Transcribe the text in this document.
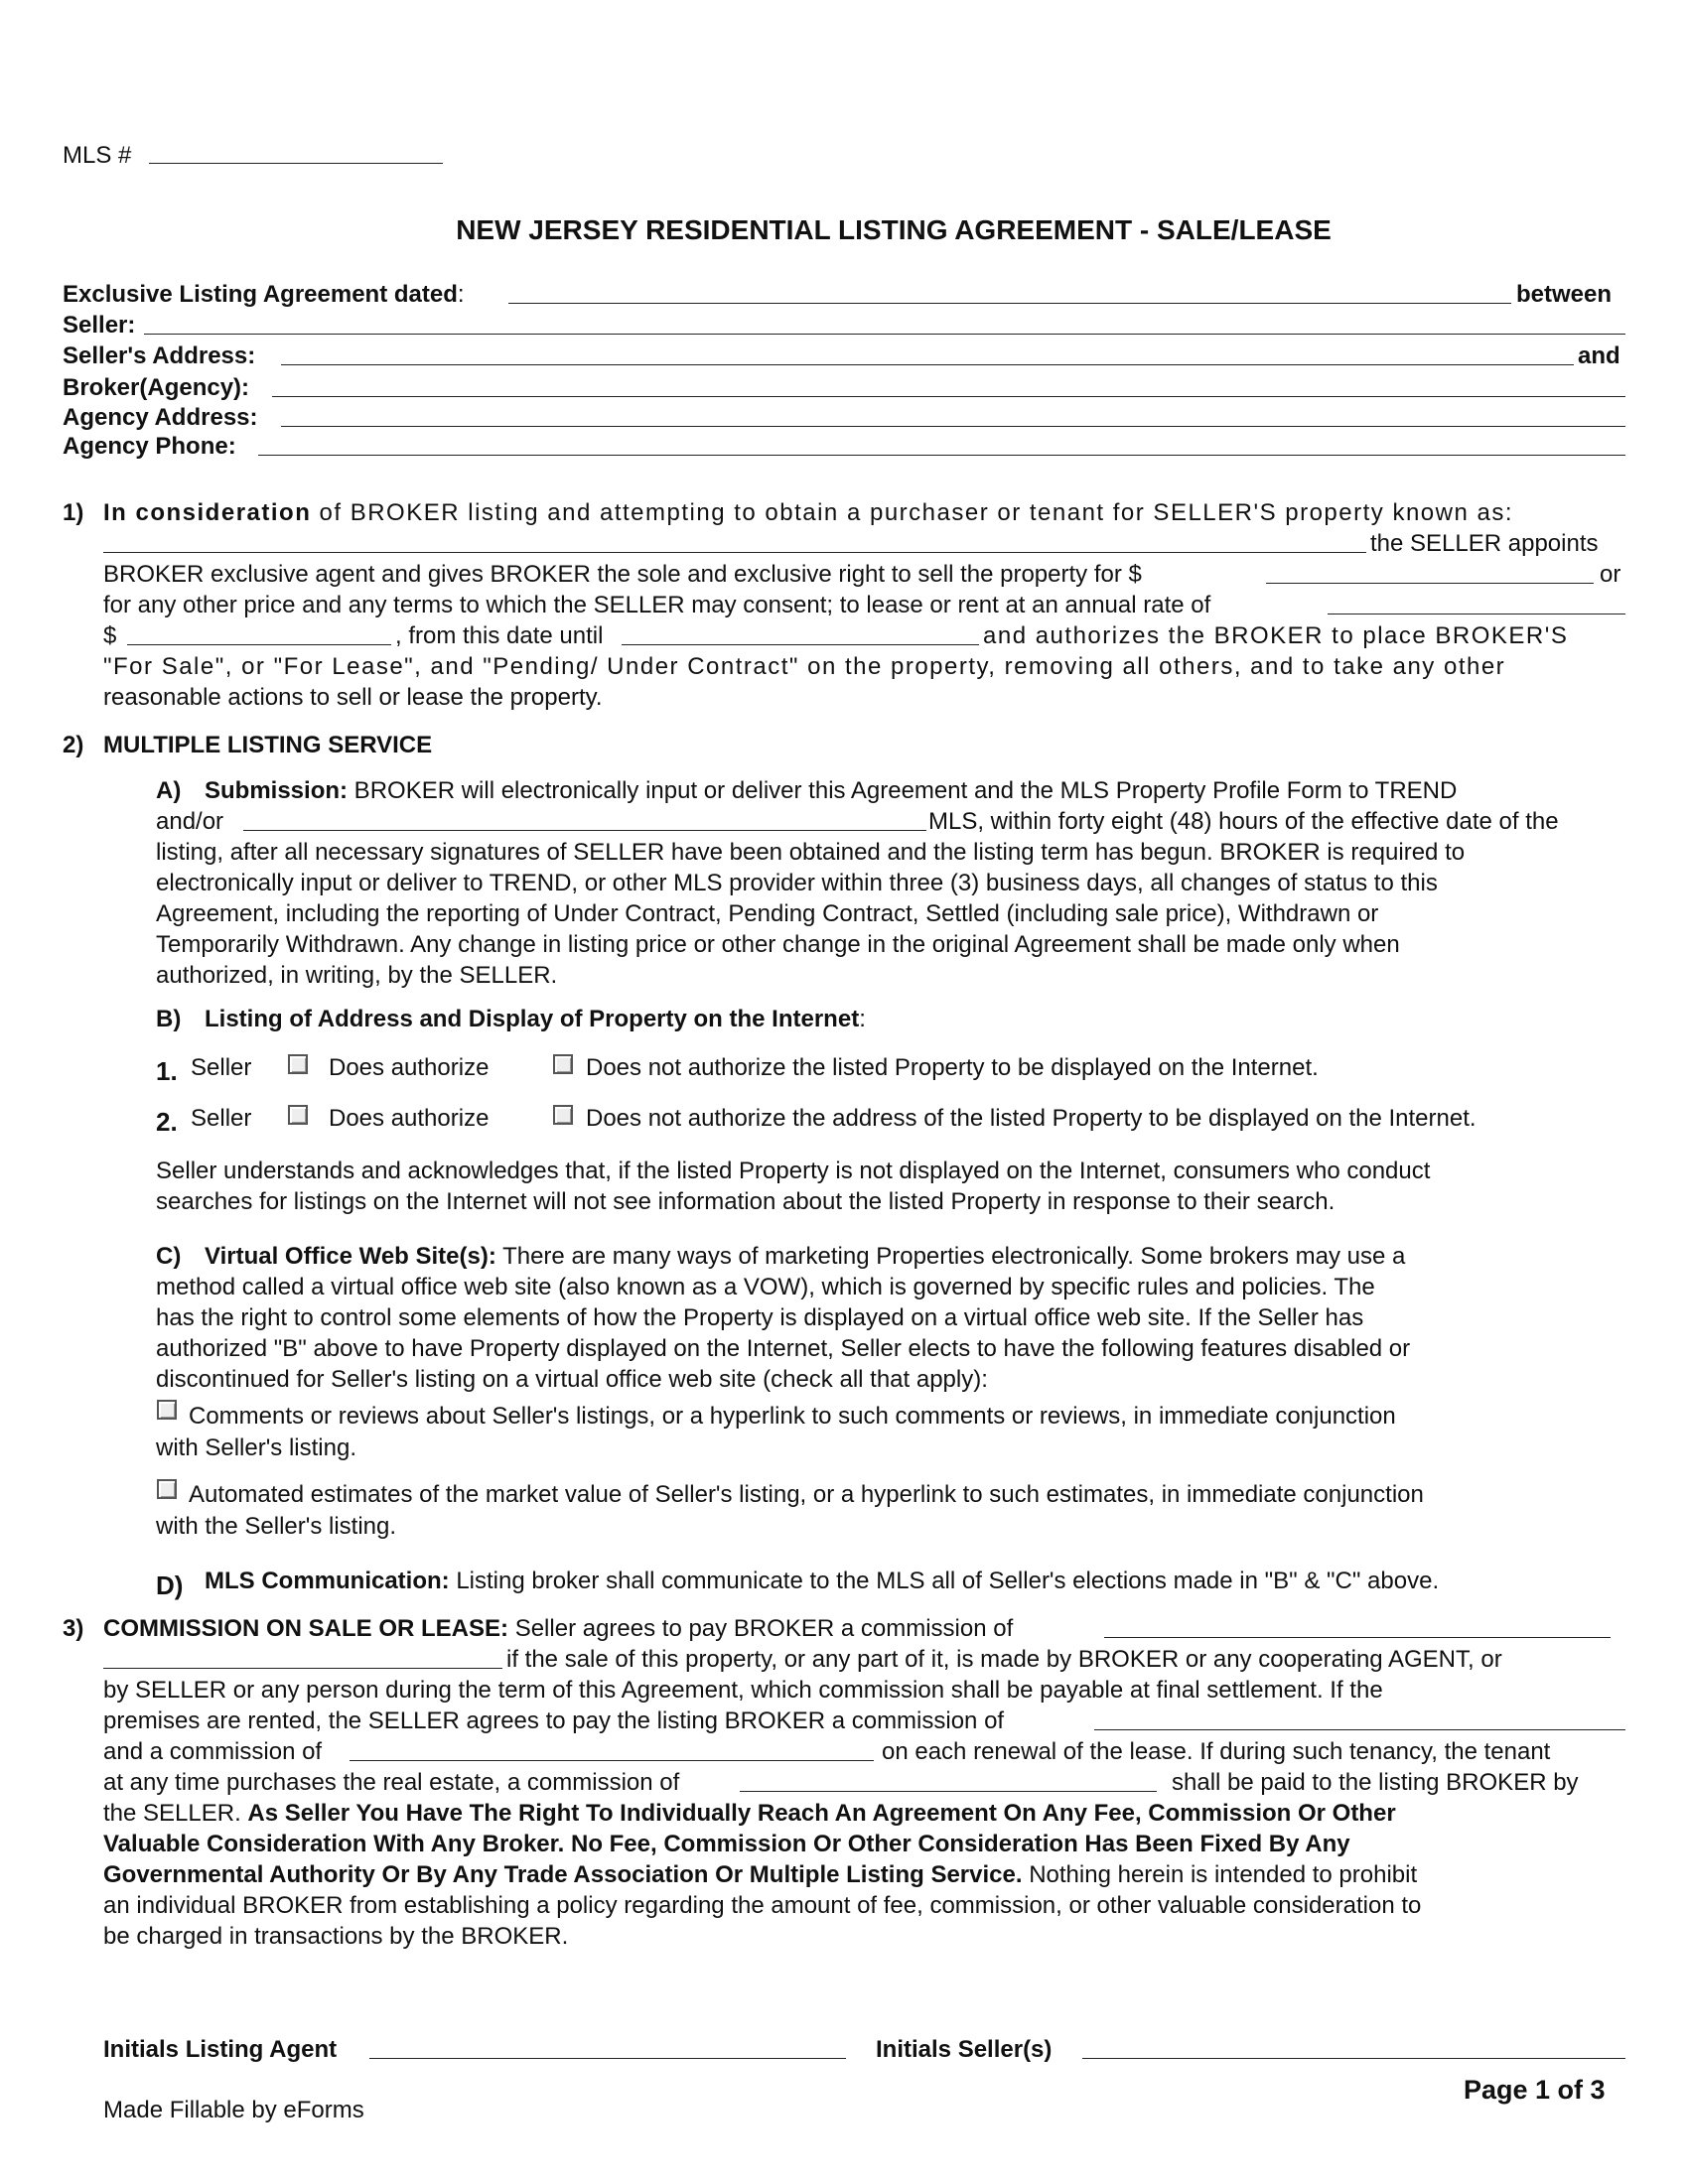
MLS #
NEW JERSEY RESIDENTIAL LISTING AGREEMENT - SALE/LEASE
Exclusive Listing Agreement dated:	between
Seller:
Seller's Address:	and
Broker(Agency):
Agency Address:
Agency Phone:
1) In consideration of BROKER listing and attempting to obtain a purchaser or tenant for SELLER'S property known as:
the SELLER appoints
BROKER exclusive agent and gives BROKER the sole and exclusive right to sell the property for $	or
for any other price and any terms to which the SELLER may consent; to lease or rent at an annual rate of
$	, from this date until	and authorizes the BROKER to place BROKER'S
"For Sale", or "For Lease", and "Pending/ Under Contract" on the property, removing all others, and to take any other
reasonable actions to sell or lease the property.
2) MULTIPLE LISTING SERVICE
A) Submission: BROKER will electronically input or deliver this Agreement and the MLS Property Profile Form to TREND
and/or	MLS, within forty eight (48) hours of the effective date of the
listing, after all necessary signatures of SELLER have been obtained and the listing term has begun. BROKER is required to
electronically input or deliver to TREND, or other MLS provider within three (3) business days, all changes of status to this
Agreement, including the reporting of Under Contract, Pending Contract, Settled (including sale price), Withdrawn or
Temporarily Withdrawn. Any change in listing price or other change in the original Agreement shall be made only when
authorized, in writing, by the SELLER.
B) Listing of Address and Display of Property on the Internet:
1. Seller	Does authorize	Does not authorize the listed Property to be displayed on the Internet.
2. Seller	Does authorize	Does not authorize the address of the listed Property to be displayed on the Internet.
Seller understands and acknowledges that, if the listed Property is not displayed on the Internet, consumers who conduct
searches for listings on the Internet will not see information about the listed Property in response to their search.
C) Virtual Office Web Site(s): There are many ways of marketing Properties electronically. Some brokers may use a
method called a virtual office web site (also known as a VOW), which is governed by specific rules and policies. The
has the right to control some elements of how the Property is displayed on a virtual office web site. If the Seller has
authorized "B" above to have Property displayed on the Internet, Seller elects to have the following features disabled or
discontinued for Seller's listing on a virtual office web site (check all that apply):
Comments or reviews about Seller's listings, or a hyperlink to such comments or reviews, in immediate conjunction
with Seller's listing.
Automated estimates of the market value of Seller's listing, or a hyperlink to such estimates, in immediate conjunction
with the Seller's listing.
D) MLS Communication: Listing broker shall communicate to the MLS all of Seller's elections made in "B" & "C" above.
3) COMMISSION ON SALE OR LEASE: Seller agrees to pay BROKER a commission of
if the sale of this property, or any part of it, is made by BROKER or any cooperating AGENT, or
by SELLER or any person during the term of this Agreement, which commission shall be payable at final settlement. If the
premises are rented, the SELLER agrees to pay the listing BROKER a commission of
and a commission of	on each renewal of the lease. If during such tenancy, the tenant
at any time purchases the real estate, a commission of	shall be paid to the listing BROKER by
the SELLER. As Seller You Have The Right To Individually Reach An Agreement On Any Fee, Commission Or Other
Valuable Consideration With Any Broker. No Fee, Commission Or Other Consideration Has Been Fixed By Any
Governmental Authority Or By Any Trade Association Or Multiple Listing Service. Nothing herein is intended to prohibit
an individual BROKER from establishing a policy regarding the amount of fee, commission, or other valuable consideration to
be charged in transactions by the BROKER.
Initials Listing Agent	Initials Seller(s)
Page 1 of 3
Made Fillable by eForms
